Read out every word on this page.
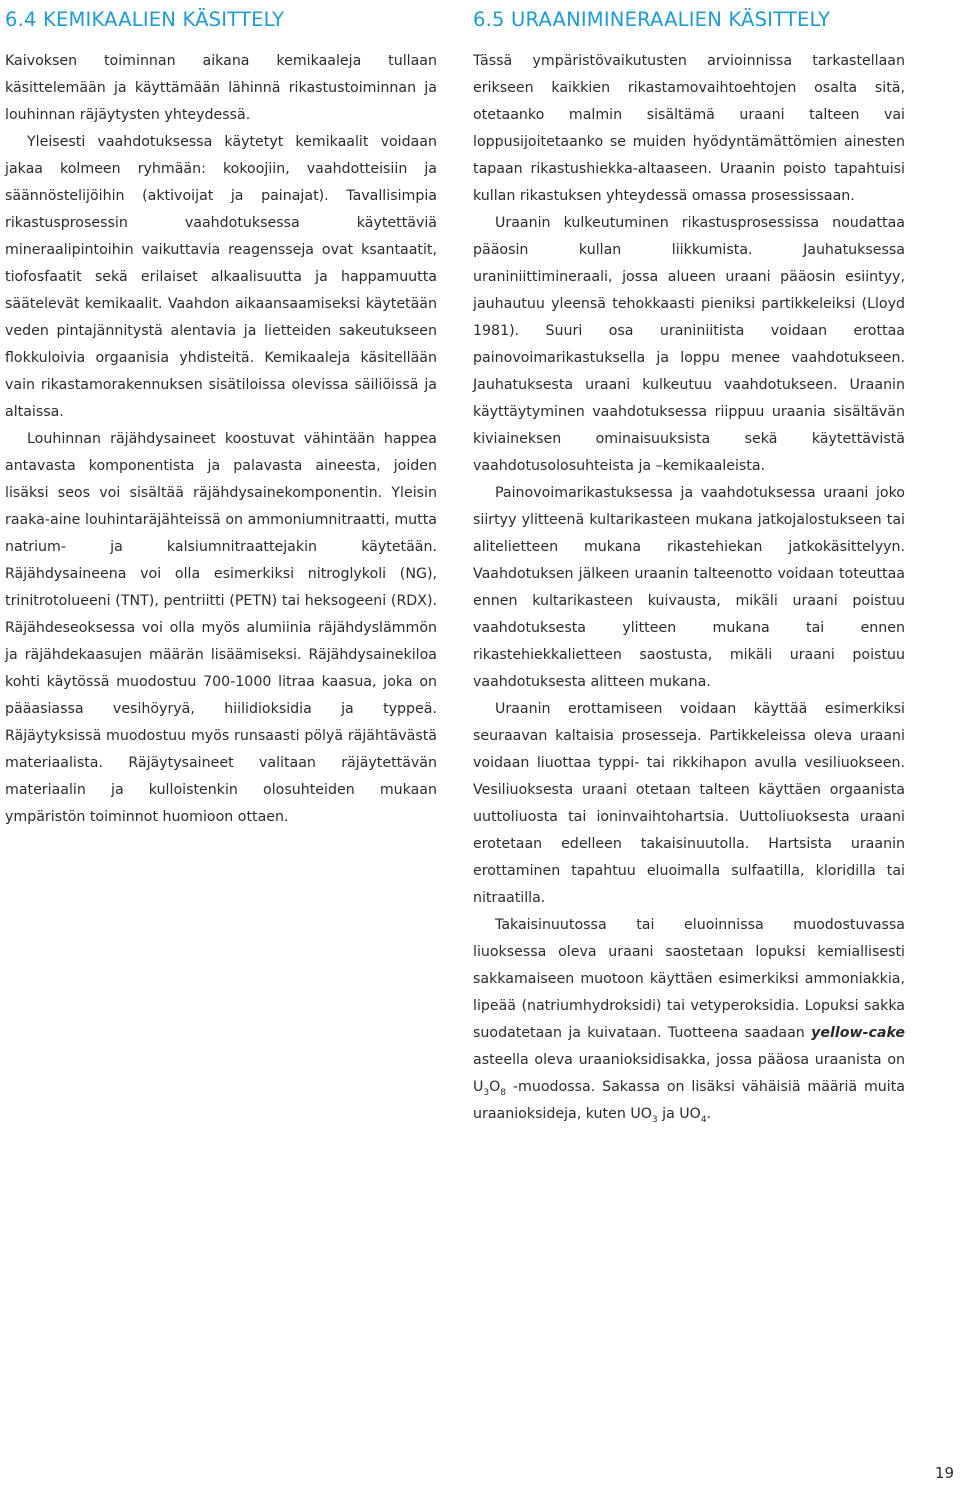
6.4 KEMIKAALIEN KÄSITTELY

Kaivoksen toiminnan aikana kemikaaleja tullaan käsittelemään ja käyttämään lähinnä rikastustoiminnan ja louhinnan räjäytysten yhteydessä.

Yleisesti vaahdotuksessa käytetyt kemikaalit voidaan jakaa kolmeen ryhmään: kokoojiin, vaahdotteisiin ja säännöstelijöihin (aktivoijat ja painajat). Tavallisimpia rikastusprosessin vaahdotuksessa käytettäviä mineraalipintoihin vaikuttavia reagensseja ovat ksantaatit, tiofosfaatit sekä erilaiset alkaalisuutta ja happamuutta säätelevät kemikaalit. Vaahdon aikaansaamiseksi käytetään veden pintajännitystä alentavia ja lietteiden sakeutukseen flokkuloivia orgaanisia yhdisteitä. Kemikaaleja käsitellään vain rikastamorakennuksen sisätiloissa olevissa säiliöissä ja altaissa.

Louhinnan räjähdysaineet koostuvat vähintään happea antavasta komponentista ja palavasta aineesta, joiden lisäksi seos voi sisältää räjähdysainekomponentin. Yleisin raaka-aine louhintaräjähteissä on ammoniumnitraatti, mutta natrium- ja kalsiumnitraattejakin käytetään. Räjähdysaineena voi olla esimerkiksi nitroglykoli (NG), trinitrotolueeni (TNT), pentriitti (PETN) tai heksogeeni (RDX). Räjähdeseoksessa voi olla myös alumiinia räjähdyslämmön ja räjähdekaasujen määrän lisäämiseksi. Räjähdysainekiloa kohti käytössä muodostuu 700-1000 litraa kaasua, joka on pääasiassa vesihöyryä, hiilidioksidia ja typpeä. Räjäytyksissä muodostuu myös runsaasti pölyä räjähtävästä materiaalista. Räjäytysaineet valitaan räjäytettävän materiaalin ja kulloistenkin olosuhteiden mukaan ympäristön toiminnot huomioon ottaen.

6.5 URAANIMINERAALIEN KÄSITTELY

Tässä ympäristövaikutusten arvioinnissa tarkastellaan erikseen kaikkien rikastamovaihtoehtojen osalta sitä, otetaanko malmin sisältämä uraani talteen vai loppusijoitetaanko se muiden hyödyntämättömien ainesten tapaan rikastushiekka-altaaseen. Uraanin poisto tapahtuisi kullan rikastuksen yhteydessä omassa prosessissaan.

Uraanin kulkeutuminen rikastusprosessissa noudattaa pääosin kullan liikkumista. Jauhatuksessa uraniniittimineraali, jossa alueen uraani pääosin esiintyy, jauhautuu yleensä tehokkaasti pieniksi partikkeleiksi (Lloyd 1981). Suuri osa uraniniitista voidaan erottaa painovoimarikastuksella ja loppu menee vaahdotukseen. Jauhatuksesta uraani kulkeutuu vaahdotukseen. Uraanin käyttäytyminen vaahdotuksessa riippuu uraania sisältävän kiviaineksen ominaisuuksista sekä käytettävistä vaahdotusolosuhteista ja –kemikaaleista.

Painovoimarikastuksessa ja vaahdotuksessa uraani joko siirtyy ylitteenä kultarikasteen mukana jatkojalostukseen tai alitelietteen mukana rikastehiekan jatkokäsittelyyn. Vaahdotuksen jälkeen uraanin talteenotto voidaan toteuttaa ennen kultarikasteen kuivausta, mikäli uraani poistuu vaahdotuksesta ylitteen mukana tai ennen rikastehiekkalietteen saostusta, mikäli uraani poistuu vaahdotuksesta alitteen mukana.

Uraanin erottamiseen voidaan käyttää esimerkiksi seuraavan kaltaisia prosesseja. Partikkeleissa oleva uraani voidaan liuottaa typpi- tai rikkihapon avulla vesiliuokseen. Vesiliuoksesta uraani otetaan talteen käyttäen orgaanista uuttoliuosta tai ioninvaihtohartsia. Uuttoliuoksesta uraani erotetaan edelleen takaisinuutolla. Hartsista uraanin erottaminen tapahtuu eluoimalla sulfaatilla, kloridilla tai nitraatilla.

Takaisinuutossa tai eluoinnissa muodostuvassa liuoksessa oleva uraani saostetaan lopuksi kemiallisesti sakkamaiseen muotoon käyttäen esimerkiksi ammoniakkia, lipeää (natriumhydroksidi) tai vetyperoksidia. Lopuksi sakka suodatetaan ja kuivataan. Tuotteena saadaan yellow-cake asteella oleva uraanioksidisakka, jossa pääosa uraanista on $U_3O_8$ -muodossa. Sakassa on lisäksi vähäisiä määriä muita uraanioksideja, kuten $UO_3$ ja $UO_4$.

19
